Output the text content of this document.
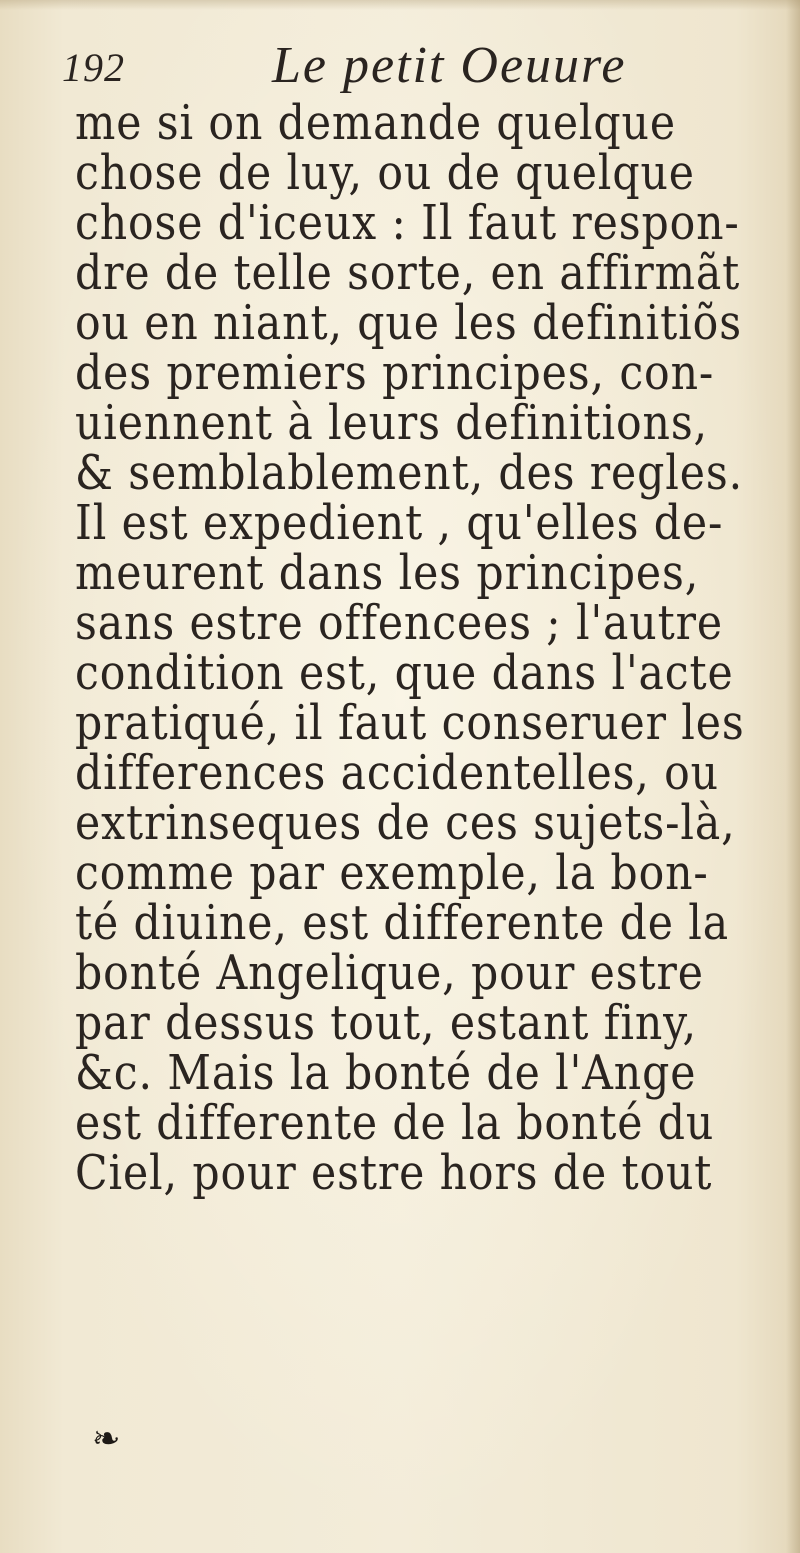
192	Le petit Oeuure
me si on demande quelque
chose de luy, ou de quelque
chose d'iceux : Il faut respon-
dre de telle sorte, en affirmãt
ou en niant, que les definitiõs
des premiers principes, con-
uiennent à leurs definitions,
& semblablement, des regles.
Il est expedient , qu'elles de-
meurent dans les principes,
sans estre offencees ; l'autre
condition est, que dans l'acte
pratiqué, il faut conseruer les
differences accidentelles, ou
extrinseques de ces sujets-là,
comme par exemple, la bon-
té diuine, est differente de la
bonté Angelique, pour estre
par dessus tout, estant finy,
&c. Mais la bonté de l'Ange
est differente de la bonté du
Ciel, pour estre hors de tout
❧
